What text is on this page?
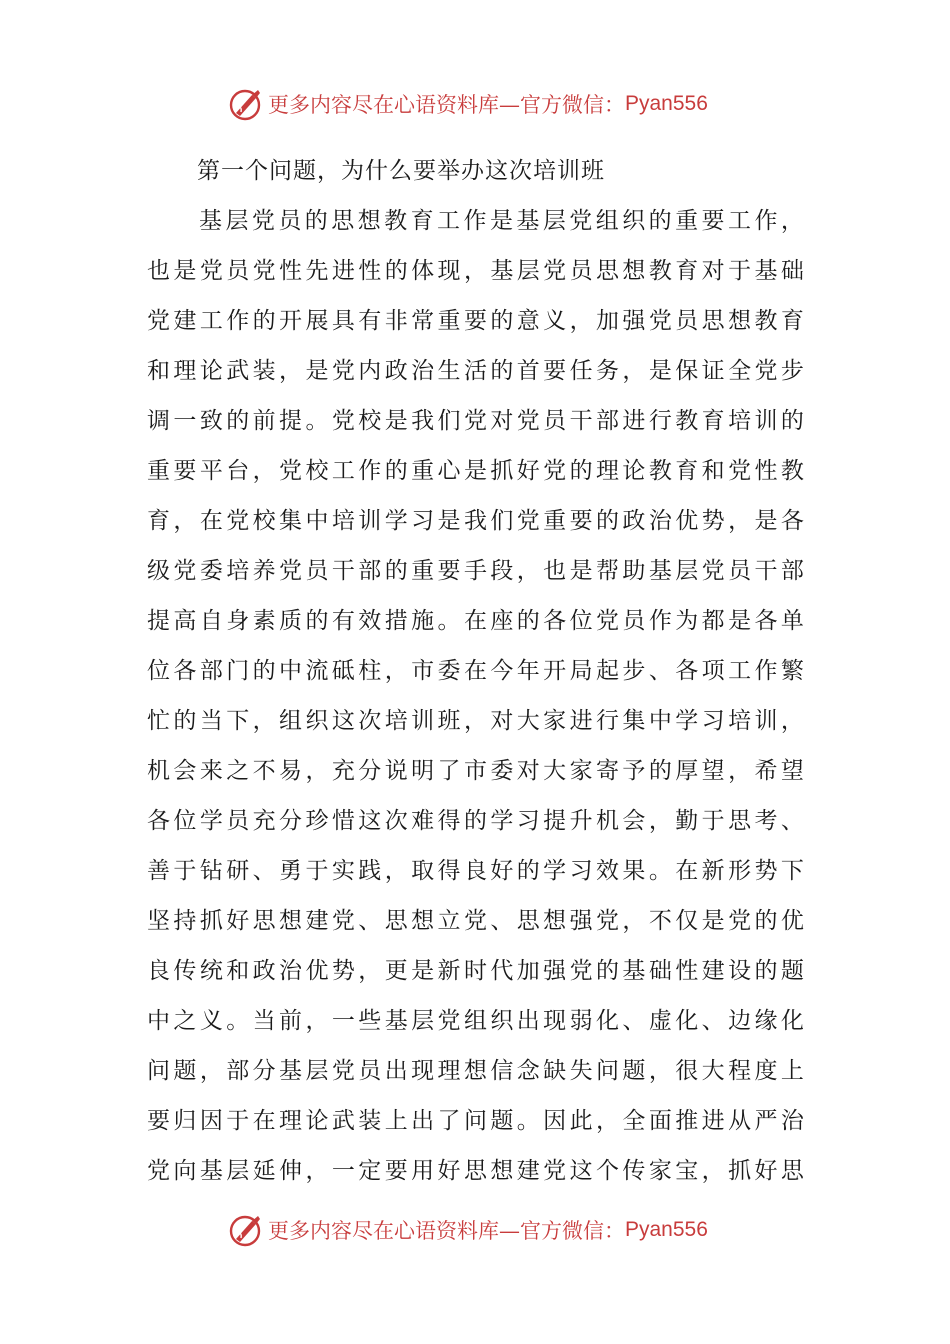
更多内容尽在心语资料库—官方微信： Pyan556
第一个问题，为什么要举办这次培训班

基层党员的思想教育工作是基层党组织的重要工作，也是党员党性先进性的体现，基层党员思想教育对于基础党建工作的开展具有非常重要的意义，加强党员思想教育和理论武装，是党内政治生活的首要任务，是保证全党步调一致的前提。党校是我们党对党员干部进行教育培训的重要平台，党校工作的重心是抓好党的理论教育和党性教育，在党校集中培训学习是我们党重要的政治优势，是各级党委培养党员干部的重要手段，也是帮助基层党员干部提高自身素质的有效措施。在座的各位党员作为都是各单位各部门的中流砥柱，市委在今年开局起步、各项工作繁忙的当下，组织这次培训班，对大家进行集中学习培训，机会来之不易，充分说明了市委对大家寄予的厚望，希望各位学员充分珍惜这次难得的学习提升机会，勤于思考、善于钻研、勇于实践，取得良好的学习效果。在新形势下坚持抓好思想建党、思想立党、思想强党，不仅是党的优良传统和政治优势，更是新时代加强党的基础性建设的题中之义。当前，一些基层党组织出现弱化、虚化、边缘化问题，部分基层党员出现理想信念缺失问题，很大程度上要归因于在理论武装上出了问题。因此，全面推进从严治党向基层延伸，一定要用好思想建党这个传家宝，抓好思

更多内容尽在心语资料库—官方微信： Pyan556
